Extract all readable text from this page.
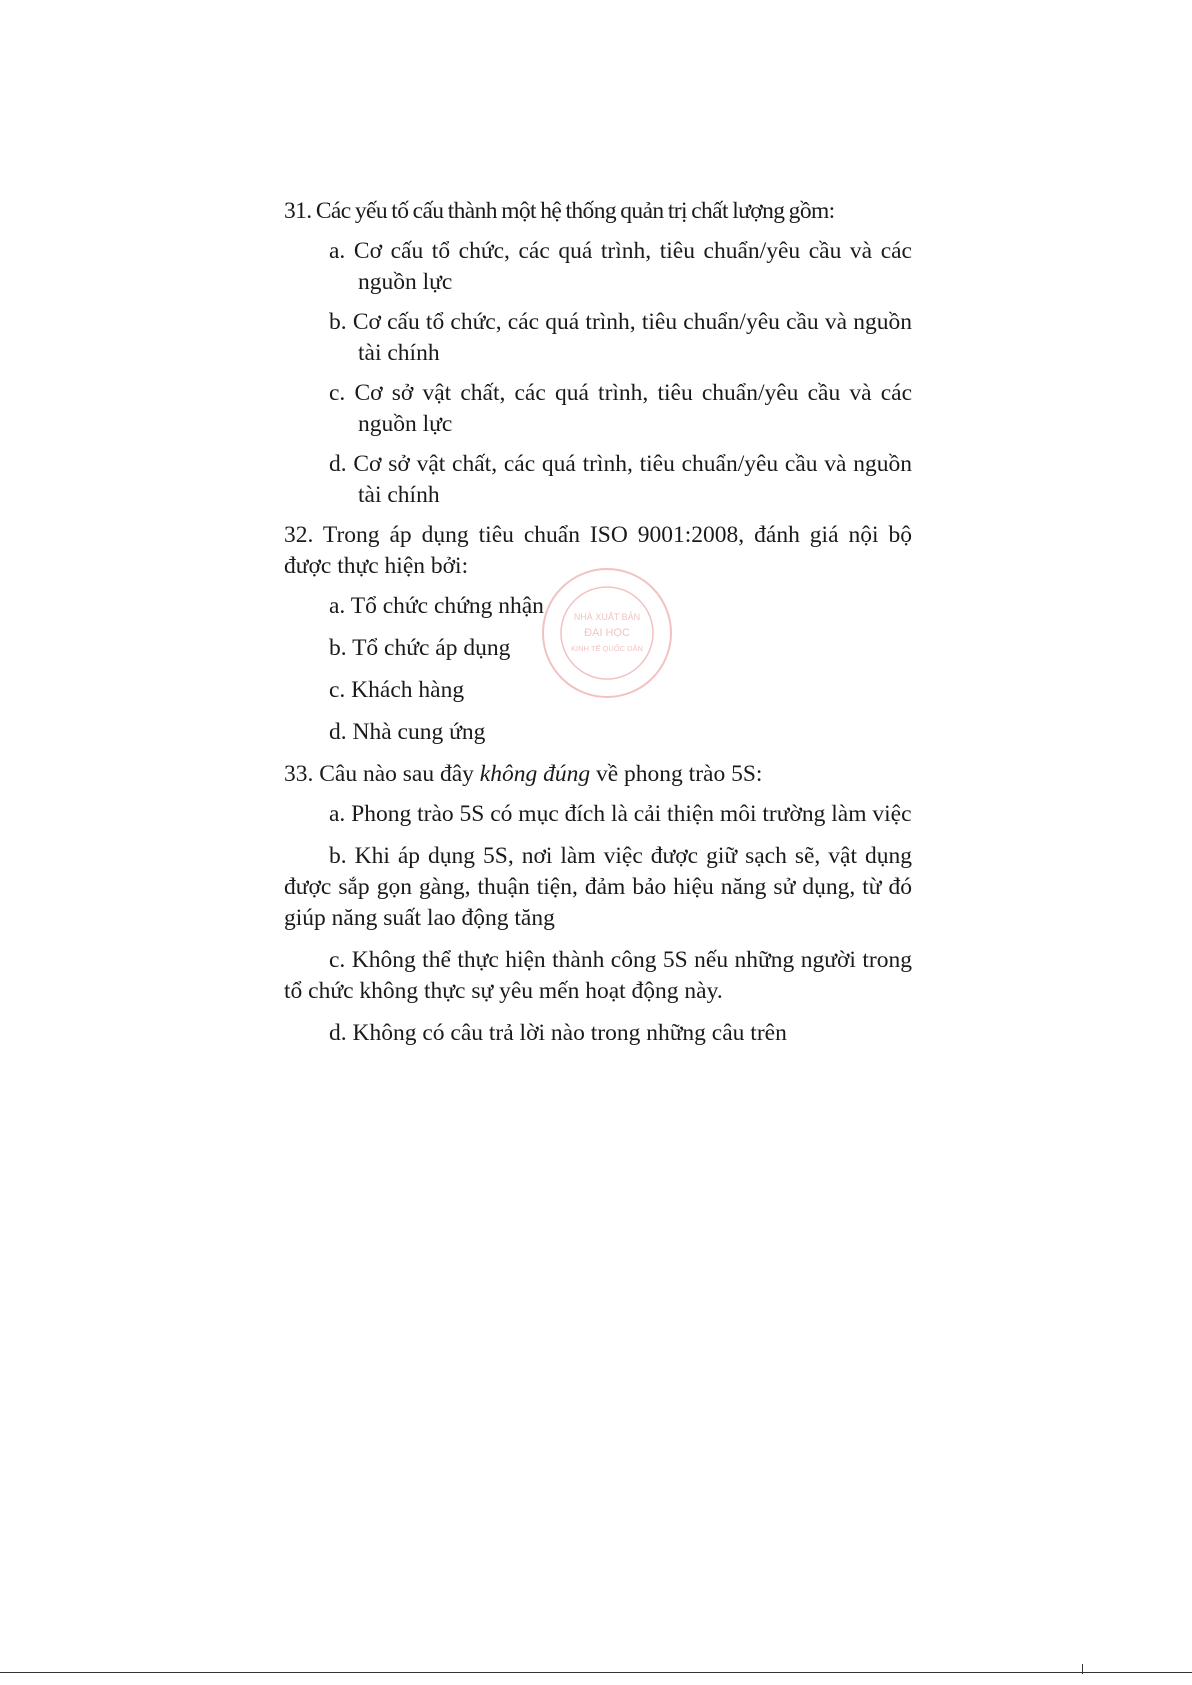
31. Các yếu tố cấu thành một hệ thống quản trị chất lượng gồm:

a. Cơ cấu tổ chức, các quá trình, tiêu chuẩn/yêu cầu và các nguồn lực

b. Cơ cấu tổ chức, các quá trình, tiêu chuẩn/yêu cầu và nguồn tài chính

c. Cơ sở vật chất, các quá trình, tiêu chuẩn/yêu cầu và các nguồn lực

d. Cơ sở vật chất, các quá trình, tiêu chuẩn/yêu cầu và nguồn tài chính

32. Trong áp dụng tiêu chuẩn ISO 9001:2008, đánh giá nội bộ được thực hiện bởi:

a. Tổ chức chứng nhận

b. Tổ chức áp dụng

c. Khách hàng

d. Nhà cung ứng

33. Câu nào sau đây không đúng về phong trào 5S:

a. Phong trào 5S có mục đích là cải thiện môi trường làm việc

b. Khi áp dụng 5S, nơi làm việc được giữ sạch sẽ, vật dụng được sắp gọn gàng, thuận tiện, đảm bảo hiệu năng sử dụng, từ đó giúp năng suất lao động tăng

c. Không thể thực hiện thành công 5S nếu những người trong tổ chức không thực sự yêu mến hoạt động này.

d. Không có câu trả lời nào trong những câu trên

NHÀ XUẤT BẢN
ĐẠI HỌC
KINH TẾ QUỐC DÂN
